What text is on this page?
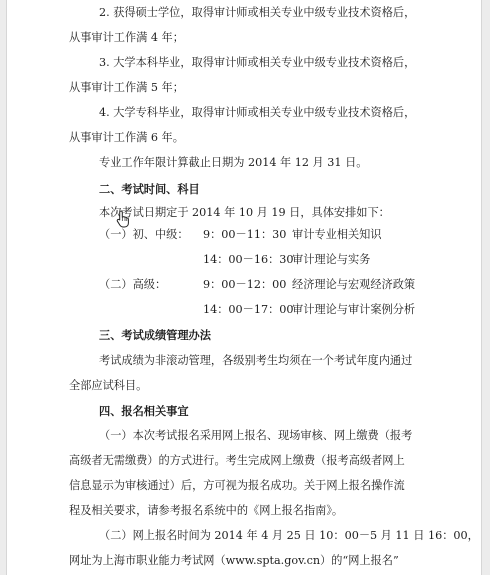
2. 获得硕士学位，取得审计师或相关专业中级专业技术资格后，
从事审计工作满 4 年；
3. 大学本科毕业，取得审计师或相关专业中级专业技术资格后，
从事审计工作满 5 年；
4. 大学专科毕业，取得审计师或相关专业中级专业技术资格后，
从事审计工作满 6 年。
专业工作年限计算截止日期为 2014 年 12 月 31 日。
二、考试时间、科目
本次考试日期定于 2014 年 10 月 19 日，具体安排如下：
（一）初、中级： 9：00－11：30 审计专业相关知识
14：00－16：30
审计理论与实务
（二）高级：	9：00－12：00 经济理论与宏观经济政策
14：00－17：00
审计理论与审计案例分析
三、考试成绩管理办法
考试成绩为非滚动管理，各级别考生均须在一个考试年度内通过
全部应试科目。
四、报名相关事宜
（一）本次考试报名采用网上报名、现场审核、网上缴费（报考
高级者无需缴费）的方式进行。考生完成网上缴费（报考高级者网上
信息显示为审核通过）后，方可视为报名成功。关于网上报名操作流
程及相关要求，请参考报名系统中的《网上报名指南》。
（二）网上报名时间为 2014 年 4 月 25 日 10：00－5 月 11 日 16：00，
网址为上海市职业能力考试网（www.spta.gov.cn）的“网上报名”
